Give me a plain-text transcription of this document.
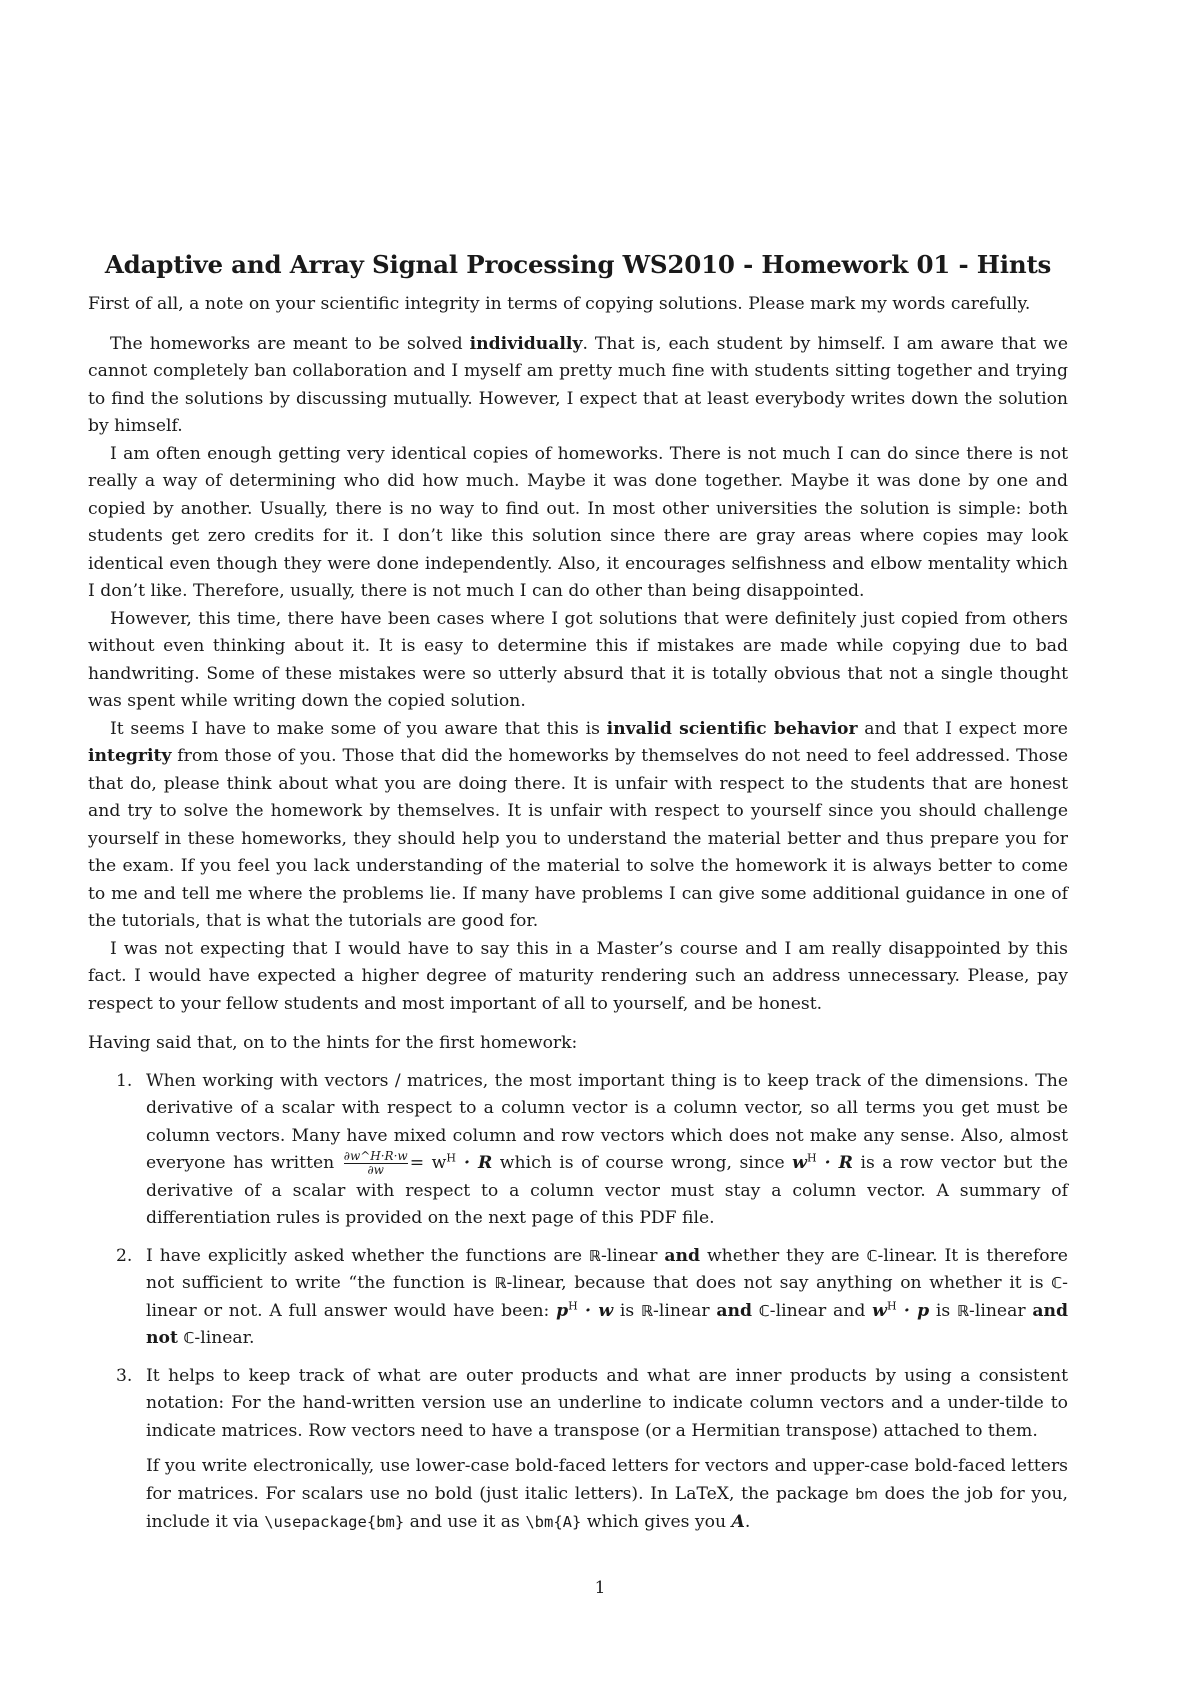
Adaptive and Array Signal Processing WS2010 - Homework 01 - Hints

First of all, a note on your scientific integrity in terms of copying solutions. Please mark my words carefully.

The homeworks are meant to be solved individually. That is, each student by himself. I am aware that we cannot completely ban collaboration and I myself am pretty much fine with students sitting together and trying to find the solutions by discussing mutually. However, I expect that at least everybody writes down the solution by himself.

I am often enough getting very identical copies of homeworks. There is not much I can do since there is not really a way of determining who did how much. Maybe it was done together. Maybe it was done by one and copied by another. Usually, there is no way to find out. In most other universities the solution is simple: both students get zero credits for it. I don’t like this solution since there are gray areas where copies may look identical even though they were done independently. Also, it encourages selfishness and elbow mentality which I don’t like. Therefore, usually, there is not much I can do other than being disappointed.

However, this time, there have been cases where I got solutions that were definitely just copied from others without even thinking about it. It is easy to determine this if mistakes are made while copying due to bad handwriting. Some of these mistakes were so utterly absurd that it is totally obvious that not a single thought was spent while writing down the copied solution.

It seems I have to make some of you aware that this is invalid scientific behavior and that I expect more integrity from those of you. Those that did the homeworks by themselves do not need to feel addressed. Those that do, please think about what you are doing there. It is unfair with respect to the students that are honest and try to solve the homework by themselves. It is unfair with respect to yourself since you should challenge yourself in these homeworks, they should help you to understand the material better and thus prepare you for the exam. If you feel you lack understanding of the material to solve the homework it is always better to come to me and tell me where the problems lie. If many have problems I can give some additional guidance in one of the tutorials, that is what the tutorials are good for.

I was not expecting that I would have to say this in a Master’s course and I am really disappointed by this fact. I would have expected a higher degree of maturity rendering such an address unnecessary. Please, pay respect to your fellow students and most important of all to yourself, and be honest.

Having said that, on to the hints for the first homework:

1. When working with vectors / matrices, the most important thing is to keep track of the dimensions. The derivative of a scalar with respect to a column vector is a column vector, so all terms you get must be column vectors. Many have mixed column and row vectors which does not make any sense. Also, almost everyone has written $\frac{\partial w\^{}H\cdot R\cdot w}{\partial w} = w^H \cdot R$ which is of course wrong, since $w^H \cdot R$ is a row vector but the derivative of a scalar with respect to a column vector must stay a column vector. A summary of differentiation rules is provided on the next page of this PDF file.

2. I have explicitly asked whether the functions are ℝ-linear and whether they are ℂ-linear. It is therefore not sufficient to write “the function is ℝ-linear, because that does not say anything on whether it is ℂ-linear or not. A full answer would have been: $p^H \cdot w$ is ℝ-linear and ℂ-linear and $w^H \cdot p$ is ℝ-linear and not ℂ-linear.

3. It helps to keep track of what are outer products and what are inner products by using a consistent notation: For the hand-written version use an underline to indicate column vectors and a under-tilde to indicate matrices. Row vectors need to have a transpose (or a Hermitian transpose) attached to them.

If you write electronically, use lower-case bold-faced letters for vectors and upper-case bold-faced letters for matrices. For scalars use no bold (just italic letters). In LaTeX, the package bm does the job for you, include it via \usepackage{bm} and use it as \bm{A} which gives you A.

1
